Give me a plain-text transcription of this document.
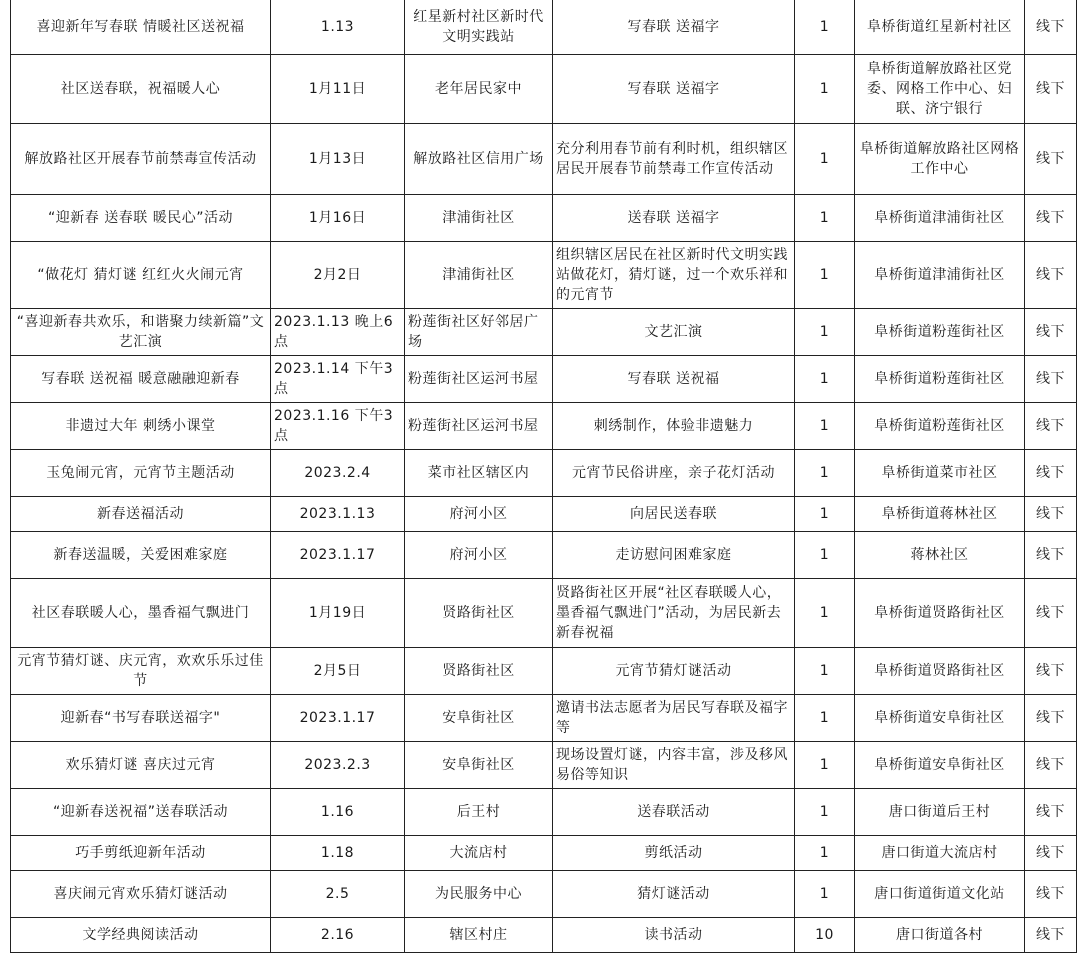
喜迎新年写春联 情暖社区送祝福	1.13	红星新村社区新时代文明实践站	写春联 送福字	1	阜桥街道红星新村社区	线下
社区送春联，祝福暖人心	1月11日	老年居民家中	写春联 送福字	1	阜桥街道解放路社区党委、网格工作中心、妇联、济宁银行	线下
解放路社区开展春节前禁毒宣传活动	1月13日	解放路社区信用广场	充分利用春节前有利时机，组织辖区居民开展春节前禁毒工作宣传活动	1	阜桥街道解放路社区网格工作中心	线下
“迎新春 送春联 暖民心”活动	1月16日	津浦街社区	送春联 送福字	1	阜桥街道津浦街社区	线下
“做花灯 猜灯谜 红红火火闹元宵	2月2日	津浦街社区	组织辖区居民在社区新时代文明实践站做花灯，猜灯谜，过一个欢乐祥和的元宵节	1	阜桥街道津浦街社区	线下
“喜迎新春共欢乐，和谐聚力续新篇”文艺汇演	2023.1.13 晚上6点	粉莲街社区好邻居广场	文艺汇演	1	阜桥街道粉莲街社区	线下
写春联 送祝福 暖意融融迎新春	2023.1.14 下午3点	粉莲街社区运河书屋	写春联 送祝福	1	阜桥街道粉莲街社区	线下
非遗过大年 刺绣小课堂	2023.1.16 下午3点	粉莲街社区运河书屋	刺绣制作，体验非遗魅力	1	阜桥街道粉莲街社区	线下
玉兔闹元宵，元宵节主题活动	2023.2.4	菜市社区辖区内	元宵节民俗讲座，亲子花灯活动	1	阜桥街道菜市社区	线下
新春送福活动	2023.1.13	府河小区	向居民送春联	1	阜桥街道蒋林社区	线下
新春送温暖，关爱困难家庭	2023.1.17	府河小区	走访慰问困难家庭	1	蒋林社区	线下
社区春联暖人心，墨香福气飘进门	1月19日	贤路街社区	贤路街社区开展“社区春联暖人心，墨香福气飘进门”活动，为居民新去新春祝福	1	阜桥街道贤路街社区	线下
元宵节猜灯谜、庆元宵，欢欢乐乐过佳节	2月5日	贤路街社区	元宵节猜灯谜活动	1	阜桥街道贤路街社区	线下
迎新春“书写春联送福字"	2023.1.17	安阜街社区	邀请书法志愿者为居民写春联及福字等	1	阜桥街道安阜街社区	线下
欢乐猜灯谜 喜庆过元宵	2023.2.3	安阜街社区	现场设置灯谜，内容丰富，涉及移风易俗等知识	1	阜桥街道安阜街社区	线下
“迎新春送祝福”送春联活动	1.16	后王村	送春联活动	1	唐口街道后王村	线下
巧手剪纸迎新年活动	1.18	大流店村	剪纸活动	1	唐口街道大流店村	线下
喜庆闹元宵欢乐猜灯谜活动	2.5	为民服务中心	猜灯谜活动	1	唐口街道街道文化站	线下
文学经典阅读活动	2.16	辖区村庄	读书活动	10	唐口街道各村	线下
